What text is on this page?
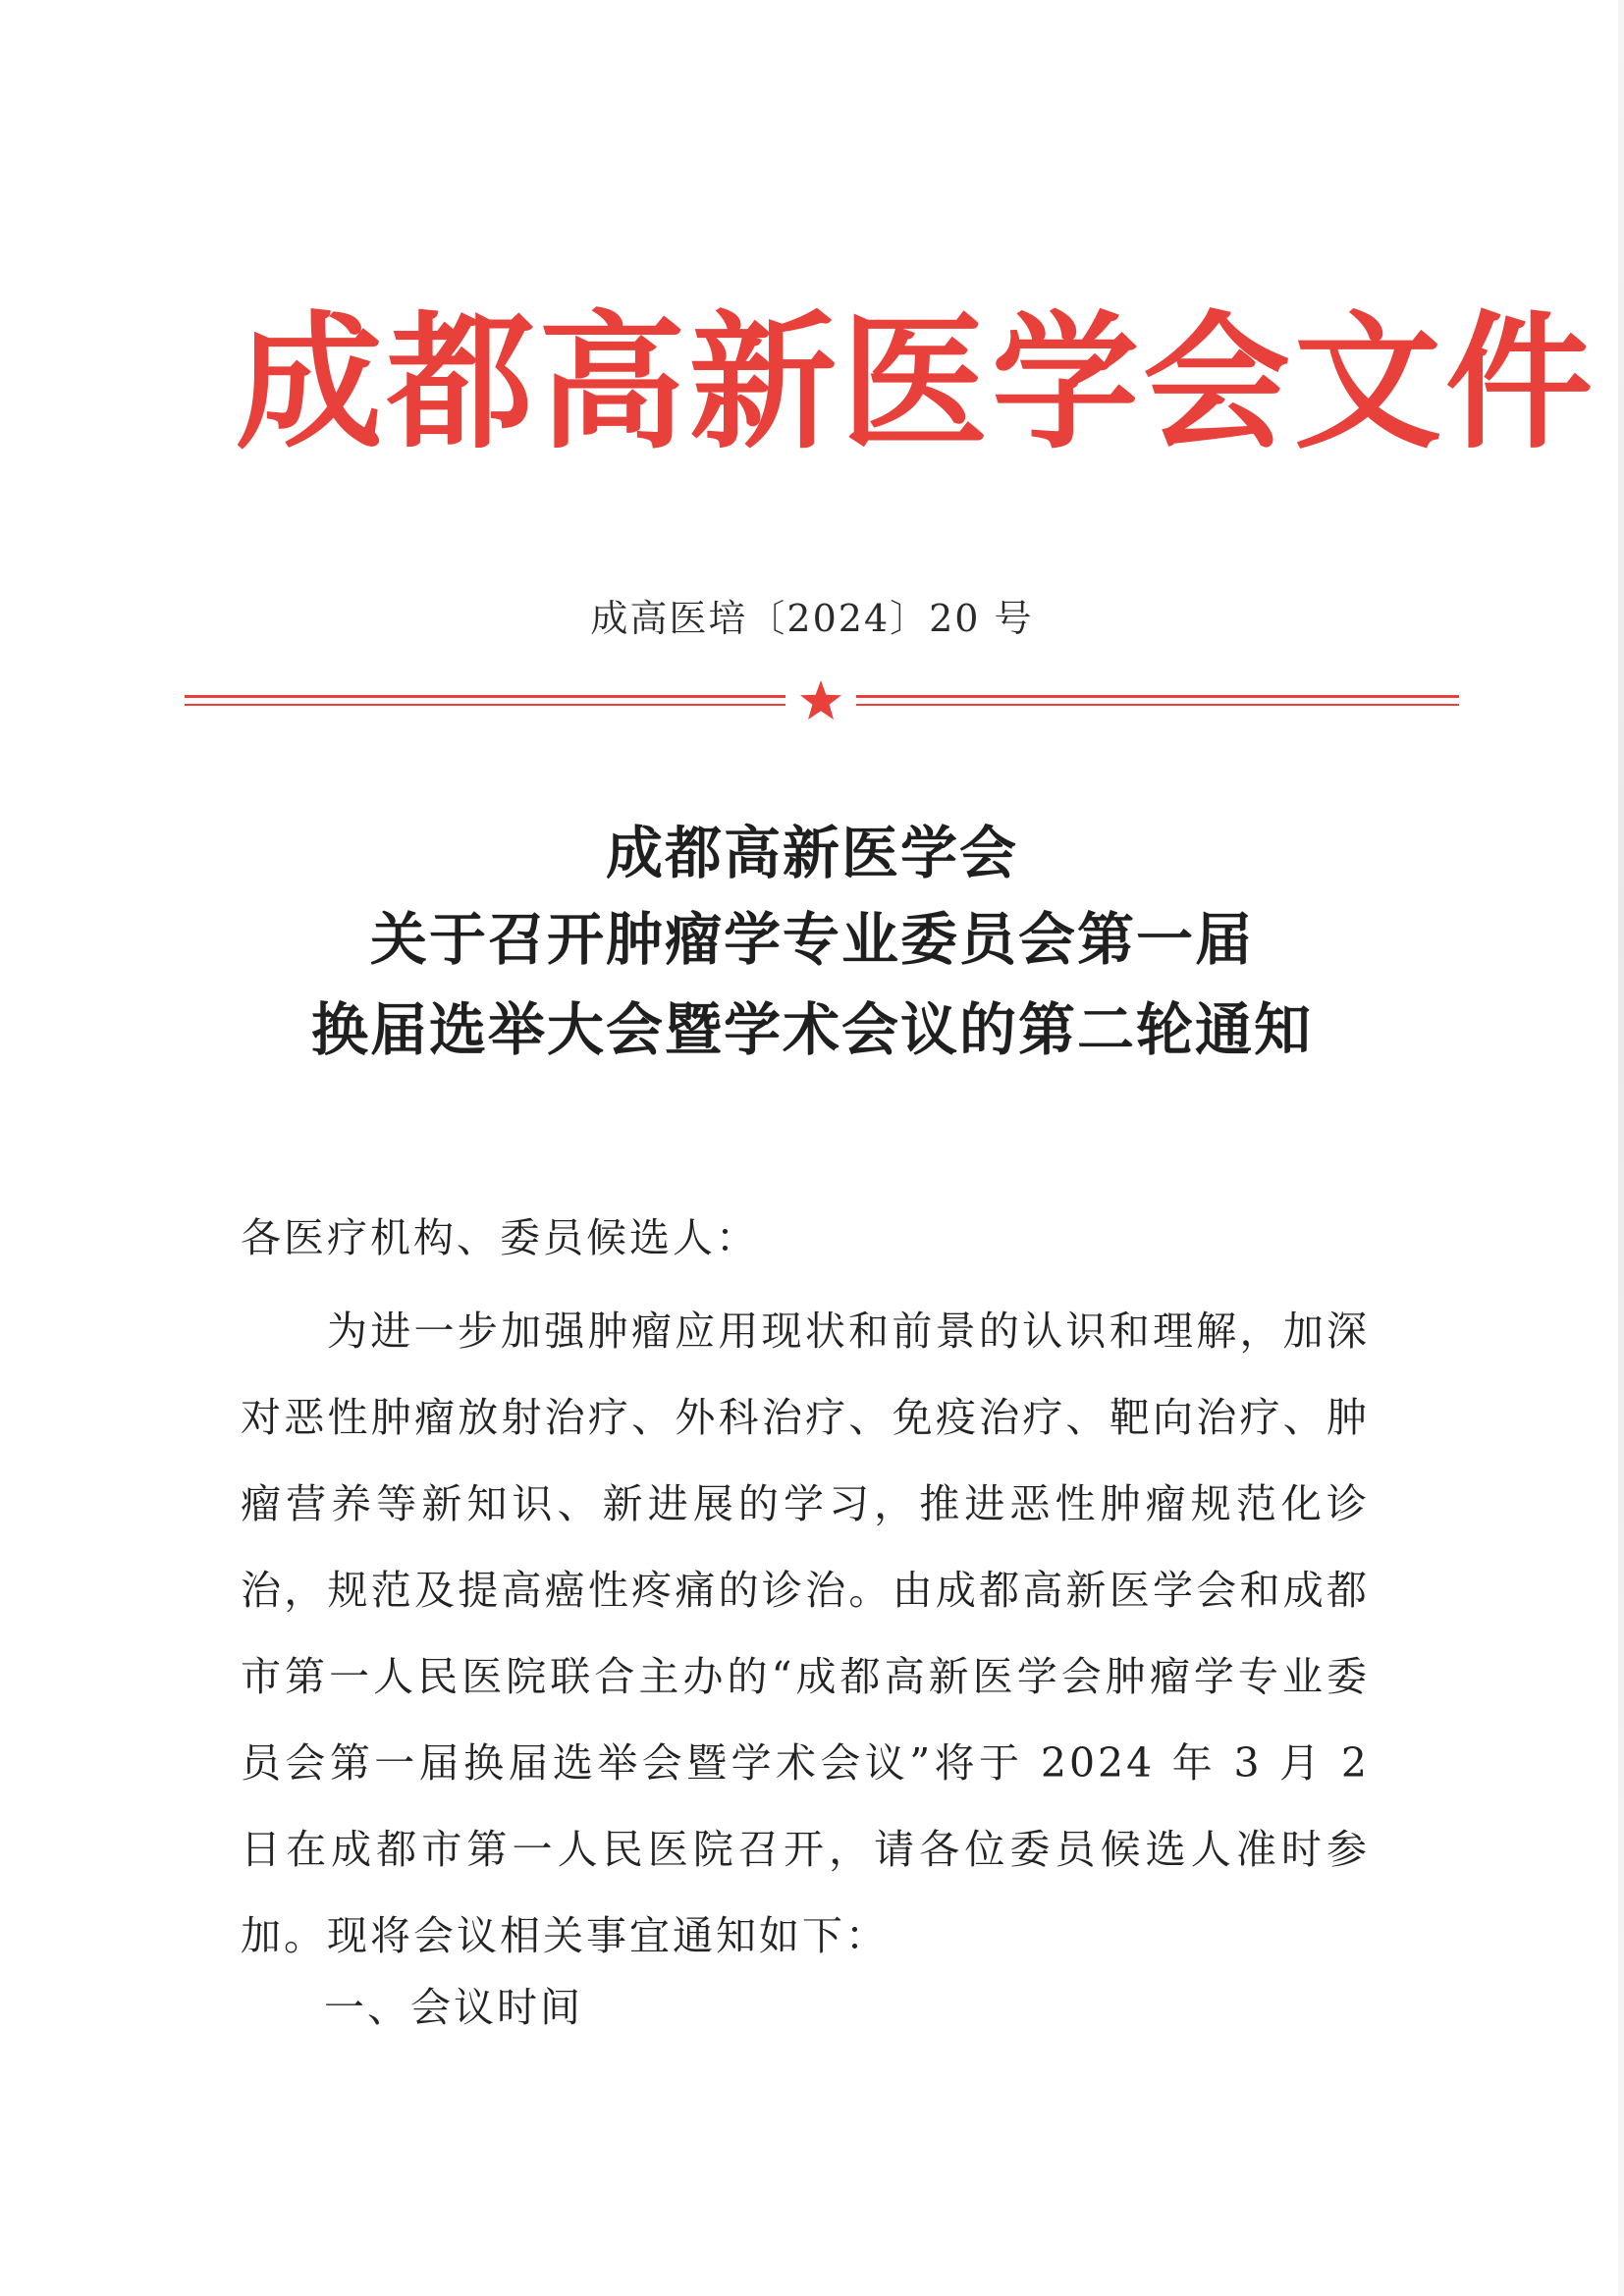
成都高新医学会文件
成高医培〔2024〕20 号
成都高新医学会
关于召开肿瘤学专业委员会第一届
换届选举大会暨学术会议的第二轮通知
各医疗机构、委员候选人：
为进一步加强肿瘤应用现状和前景的认识和理解，加深对恶性肿瘤放射治疗、外科治疗、免疫治疗、靶向治疗、肿瘤营养等新知识、新进展的学习，推进恶性肿瘤规范化诊治，规范及提高癌性疼痛的诊治。由成都高新医学会和成都市第一人民医院联合主办的“成都高新医学会肿瘤学专业委员会第一届换届选举会暨学术会议”将于 2024 年 3 月 2 日在成都市第一人民医院召开，请各位委员候选人准时参加。现将会议相关事宜通知如下：
一、会议时间
